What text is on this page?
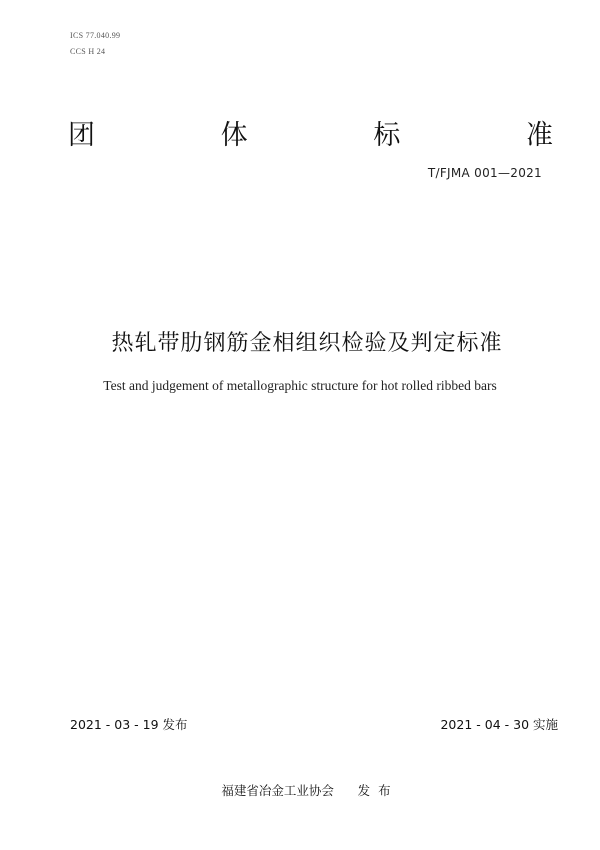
ICS 77.040.99
CCS H 24
团	体	标	准
T/FJMA 001—2021
热轧带肋钢筋金相组织检验及判定标准
Test and judgement of metallographic structure for hot rolled ribbed bars
2021 - 03 - 19 发布	2021 - 04 - 30 实施
福建省冶金工业协会      发  布
